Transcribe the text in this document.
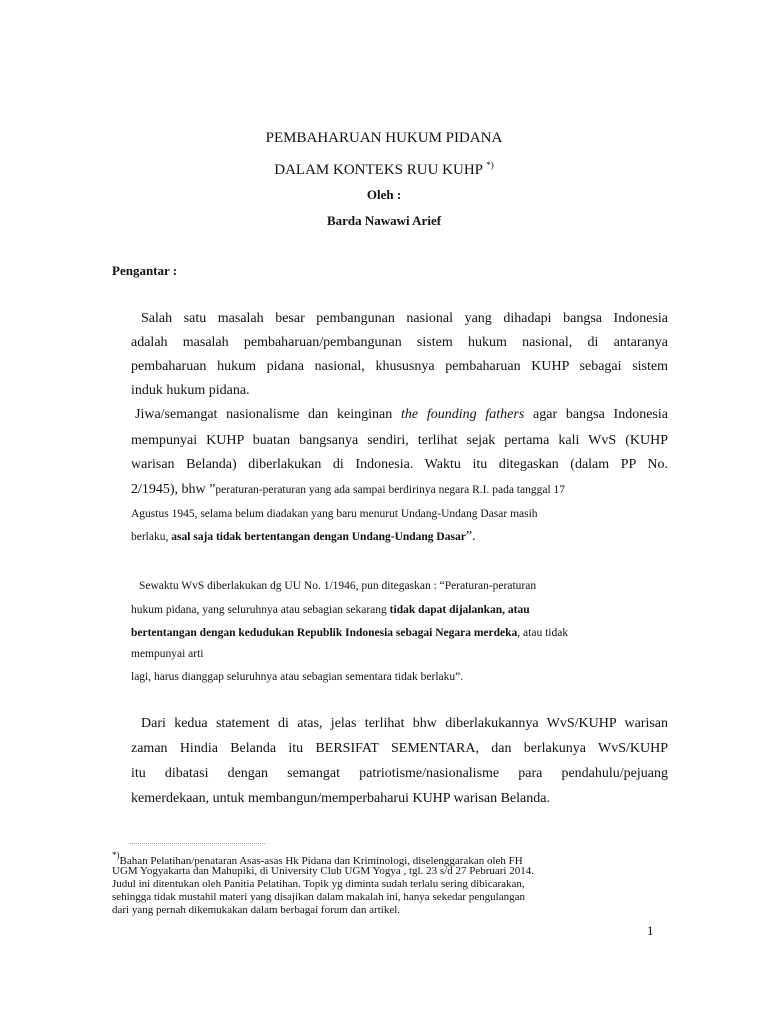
PEMBAHARUAN HUKUM PIDANA
DALAM KONTEKS RUU KUHP *)
Oleh :
Barda Nawawi Arief
Pengantar :
Salah satu masalah besar pembangunan nasional yang dihadapi bangsa Indonesia
adalah masalah pembaharuan/pembangunan sistem hukum nasional, di antaranya
pembaharuan hukum pidana nasional, khususnya pembaharuan KUHP sebagai sistem
induk hukum pidana.
Jiwa/semangat nasionalisme dan keinginan the founding fathers agar bangsa Indonesia
mempunyai KUHP buatan bangsanya sendiri, terlihat sejak pertama kali WvS (KUHP
warisan Belanda) diberlakukan di Indonesia. Waktu itu ditegaskan (dalam PP No.
2/1945), bhw ”peraturan-peraturan yang ada sampai berdirinya negara R.I. pada tanggal 17
Agustus 1945, selama belum diadakan yang baru menurut Undang-Undang Dasar masih
berlaku, asal saja tidak bertentangan dengan Undang-Undang Dasar”.
Sewaktu WvS diberlakukan dg UU No. 1/1946, pun ditegaskan : “Peraturan-peraturan
hukum pidana, yang seluruhnya atau sebagian sekarang tidak dapat dijalankan, atau
bertentangan dengan kedudukan Republik Indonesia sebagai Negara merdeka, atau tidak
mempunyai arti
lagi, harus dianggap seluruhnya atau sebagian sementara tidak berlaku”.
Dari kedua statement di atas, jelas terlihat bhw diberlakukannya WvS/KUHP warisan
zaman Hindia Belanda itu BERSIFAT SEMENTARA, dan berlakunya WvS/KUHP
itu dibatasi dengan semangat patriotisme/nasionalisme para pendahulu/pejuang
kemerdekaan, untuk membangun/memperbaharui KUHP warisan Belanda.
*)Bahan Pelatihan/penataran Asas-asas Hk Pidana dan Kriminologi, diselenggarakan oleh FH
UGM Yogyakarta dan Mahupiki, di University Club UGM Yogya , tgl. 23 s/d 27 Pebruari 2014.
Judul ini ditentukan oleh Panitia Pelatihan. Topik yg diminta sudah terlalu sering dibicarakan,
sehingga tidak mustahil materi yang disajikan dalam makalah ini, hanya sekedar pengulangan
dari yang pernah dikemukakan dalam berbagai forum dan artikel.
1
